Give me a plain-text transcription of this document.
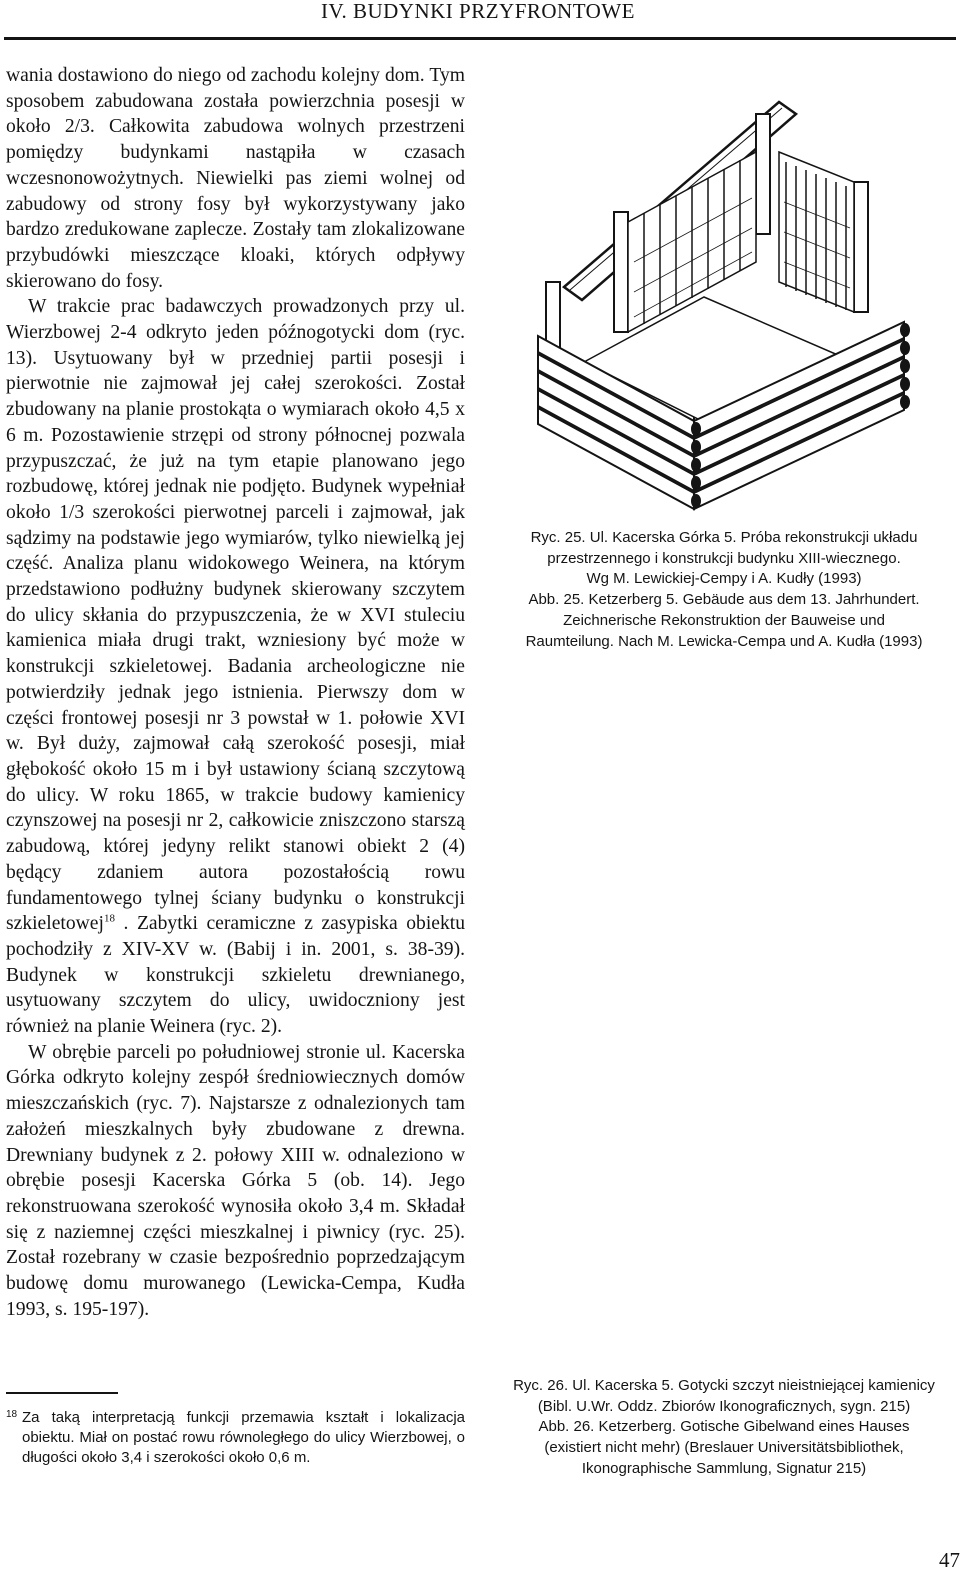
IV. BUDYNKI PRZYFRONTOWE

wania dostawiono do niego od zachodu kolejny dom. Tym sposobem zabudowana została powierzchnia posesji w około 2/3. Całkowita zabudowa wolnych przestrzeni pomiędzy budynkami nastąpiła w czasach wczesnonowożytnych. Niewielki pas ziemi wolnej od zabudowy od strony fosy był wykorzystywany jako bardzo zredukowane zaplecze. Zostały tam zlokalizowane przybudówki mieszczące kloaki, których odpływy skierowano do fosy.

W trakcie prac badawczych prowadzonych przy ul. Wierzbowej 2-4 odkryto jeden późnogotycki dom (ryc. 13). Usytuowany był w przedniej partii posesji i pierwotnie nie zajmował jej całej szerokości. Został zbudowany na planie prostokąta o wymiarach około 4,5 x 6 m. Pozostawienie strzępi od strony północnej pozwala przypuszczać, że już na tym etapie planowano jego rozbudowę, której jednak nie podjęto. Budynek wypełniał około 1/3 szerokości pierwotnej parceli i zajmował, jak sądzimy na podstawie jego wymiarów, tylko niewielką jej część. Analiza planu widokowego Weinera, na którym przedstawiono podłużny budynek skierowany szczytem do ulicy skłania do przypuszczenia, że w XVI stuleciu kamienica miała drugi trakt, wzniesiony być może w konstrukcji szkieletowej. Badania archeologiczne nie potwierdziły jednak jego istnienia. Pierwszy dom w części frontowej posesji nr 3 powstał w 1. połowie XVI w. Był duży, zajmował całą szerokość posesji, miał głębokość około 15 m i był ustawiony ścianą szczytową do ulicy. W roku 1865, w trakcie budowy kamienicy czynszowej na posesji nr 2, całkowicie zniszczono starszą zabudową, której jedyny relikt stanowi obiekt 2 (4) będący zdaniem autora pozostałością rowu fundamentowego tylnej ściany budynku o konstrukcji szkieletowej$^{18}$ . Zabytki ceramiczne z zasypiska obiektu pochodziły z XIV-XV w. (Babij i in. 2001, s. 38-39). Budynek w konstrukcji szkieletu drewnianego, usytuowany szczytem do ulicy, uwidoczniony jest również na planie Weinera (ryc. 2).

W obrębie parceli po południowej stronie ul. Kacerska Górka odkryto kolejny zespół średniowiecznych domów mieszczańskich (ryc. 7). Najstarsze z odnalezionych tam założeń mieszkalnych były zbudowane z drewna. Drewniany budynek z 2. połowy XIII w. odnaleziono w obrębie posesji Kacerska Górka 5 (ob. 14). Jego rekonstruowana szerokość wynosiła około 3,4 m. Składał się z naziemnej części mieszkalnej i piwnicy (ryc. 25). Został rozebrany w czasie bezpośrednio poprzedzającym budowę domu murowanego (Lewicka-Cempa, Kudła 1993, s. 195-197).

18 Za taką interpretacją funkcji przemawia kształt i lokalizacja obiektu. Miał on postać rowu równoległego do ulicy Wierzbowej, o długości około 3,4 i szerokości około 0,6 m.
Ryc. 25. Ul. Kacerska Górka 5. Próba rekonstrukcji układu
przestrzennego i konstrukcji budynku XIII-wiecznego.
Wg M. Lewickiej-Cempy i A. Kudły (1993)
Abb. 25. Ketzerberg 5. Gebäude aus dem 13. Jahrhundert.
Zeichnerische Rekonstruktion der Bauweise und
Raumteilung. Nach M. Lewicka-Cempa und A. Kudła (1993)
Ryc. 26. Ul. Kacerska 5. Gotycki szczyt nieistniejącej kamienicy
(Bibl. U.Wr. Oddz. Zbiorów Ikonograficznych, sygn. 215)
Abb. 26. Ketzerberg. Gotische Gibelwand eines Hauses
(existiert nicht mehr) (Breslauer Universitätsbibliothek,
Ikonographische Sammlung, Signatur 215)
47
